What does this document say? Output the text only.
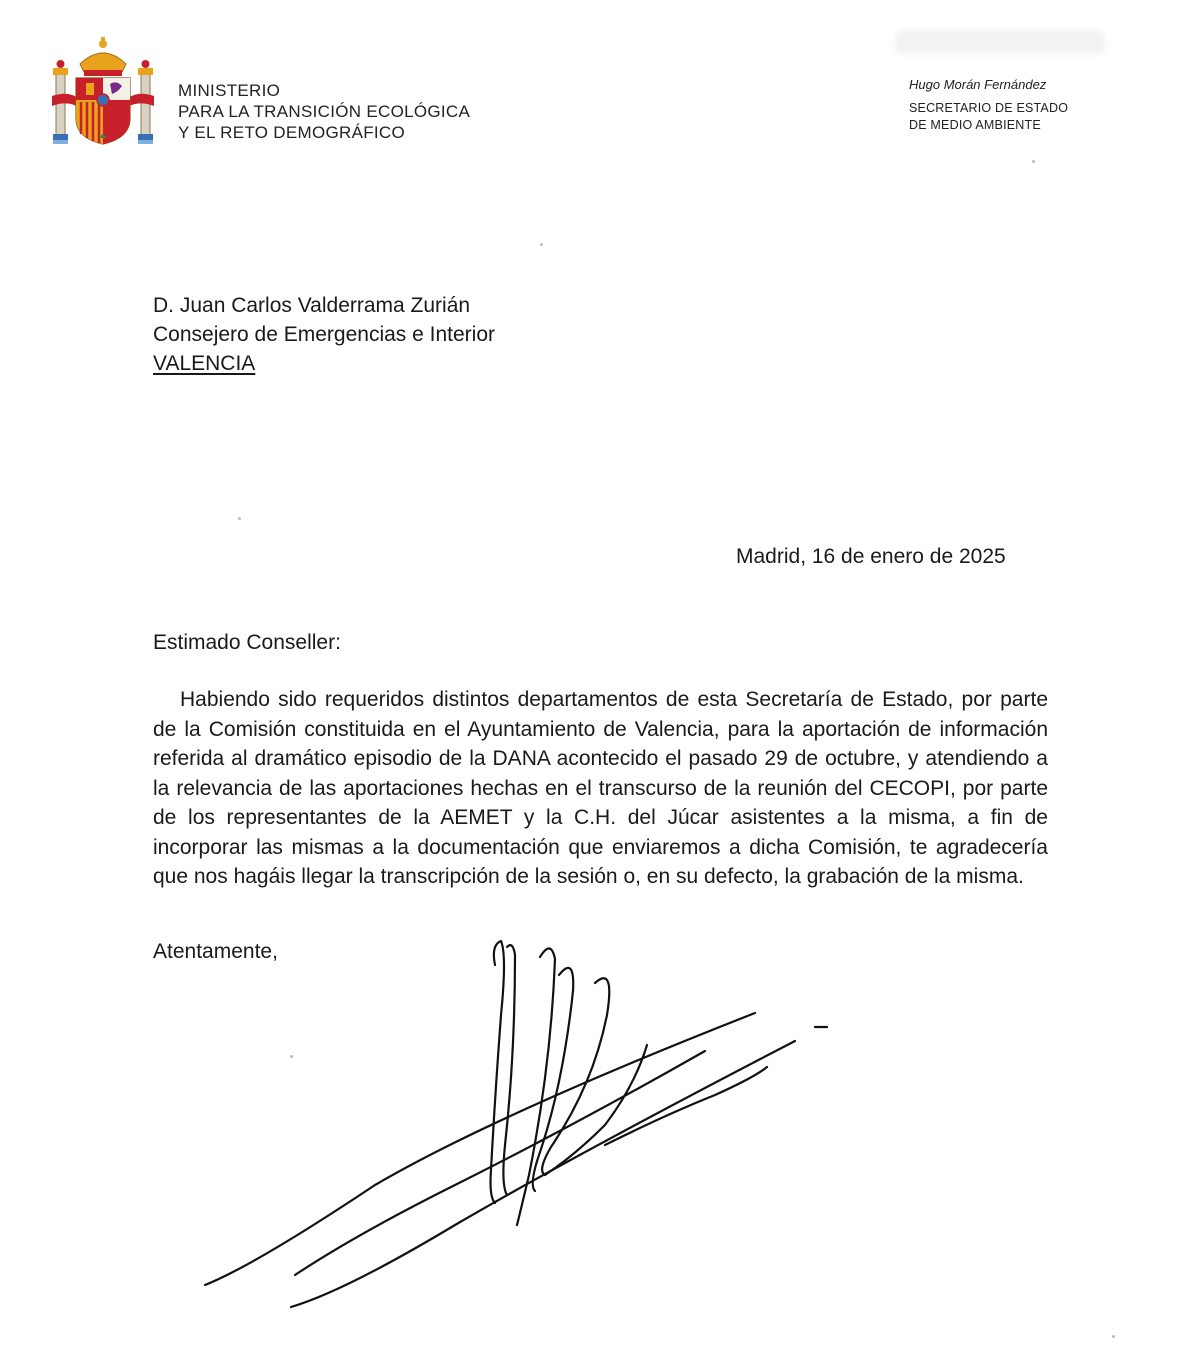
MINISTERIO
PARA LA TRANSICIÓN ECOLÓGICA
Y EL RETO DEMOGRÁFICO
Hugo Morán Fernández
SECRETARIO DE ESTADO
DE MEDIO AMBIENTE
D. Juan Carlos Valderrama Zurián
Consejero de Emergencias e Interior
VALENCIA
Madrid, 16 de enero de 2025
Estimado Conseller:

Habiendo sido requeridos distintos departamentos de esta Secretaría de Estado, por parte de la Comisión constituida en el Ayuntamiento de Valencia, para la aportación de información referida al dramático episodio de la DANA acontecido el pasado 29 de octubre, y atendiendo a la relevancia de las aportaciones hechas en el transcurso de la reunión del CECOPI, por parte de los representantes de la AEMET y la C.H. del Júcar asistentes a la misma, a fin de incorporar las mismas a la documentación que enviaremos a dicha Comisión, te agradecería que nos hagáis llegar la transcripción de la sesión o, en su defecto, la grabación de la misma.

Atentamente,
